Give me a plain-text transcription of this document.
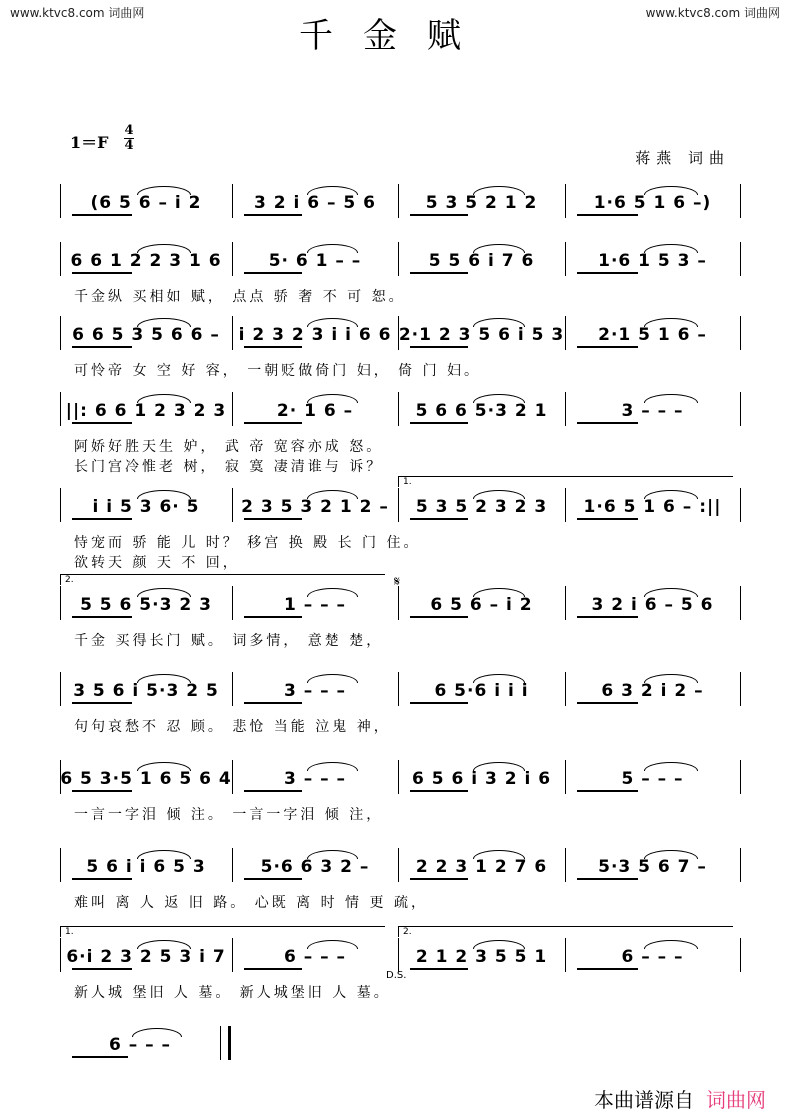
www.ktvc8.com 词曲网	www.ktvc8.com 词曲网
千金赋
1＝F
4
4
蒋燕 词曲
(6 5 6 – i 2	3 2 i 6 – 5 6	5 3 5 2 1 2	1·6 5 1 6 –)
6 6 1 2 2 3 1 6	5· 6 1 – –	5 5 6 i 7 6	1·6 1 5 3 –
千金纵 买相如 赋， 点点 骄 奢 不 可 恕。
6 6 5 3 5 6 6 –	i 2 3 2 3 i i 6 6 2·1 2 3 5 6 i 5 3	2·1 5 1 6 –
可怜帝 女 空 好 容， 一朝贬做倚门 妇， 倚 门 妇。
||: 6 6 1 2 3 2 3	2· 1 6 –	5 6 6 5·3 2 1	3 – – –
阿娇好胜天生 妒， 武 帝 宽容亦成 怒。
长门宫冷惟老 树， 寂 寞 凄清谁与 诉？
i i 5 3 6· 5	2 3 5 3 2 1 2 –	5 3 5 2 3 2 3	1·6 5 1 6 – :||
1.
恃宠而 骄 能 儿 时？ 移宫 换 殿 长 门 住。
欲转天 颜 天 不 回，
5 5 6 5·3 2 3	1 – – –	6 5 6 – i 2	3 2 i 6 – 5 6
2.	𝄋
千金 买得长门 赋。 词多情， 意楚 楚，
3 5 6 i 5·3 2 5	3 – – –	6 5·6 i i i	6 3 2 i 2 –
句句哀愁不 忍 顾。 悲怆 当能 泣鬼 神，
6 5 3·5 1 6 5 6 4	3 – – –	6 5 6 i 3 2 i 6	5 – – –
一言一字泪 倾 注。 一言一字泪 倾 注，
5 6 i i 6 5 3	5·6 6 3 2 –	2 2 3 1 2 7 6	5·3 5 6 7 –
难叫 离 人 返 旧 路。 心既 离 时 情 更 疏，
6·i 2 3 2 5 3 i 7	6 – – –	2 1 2 3 5 5 1	6 – – –
1.	2.
D.S.
新人城 堡旧 人 墓。 新人城堡旧 人 墓。
6 – – –
本曲谱源自 词曲网
